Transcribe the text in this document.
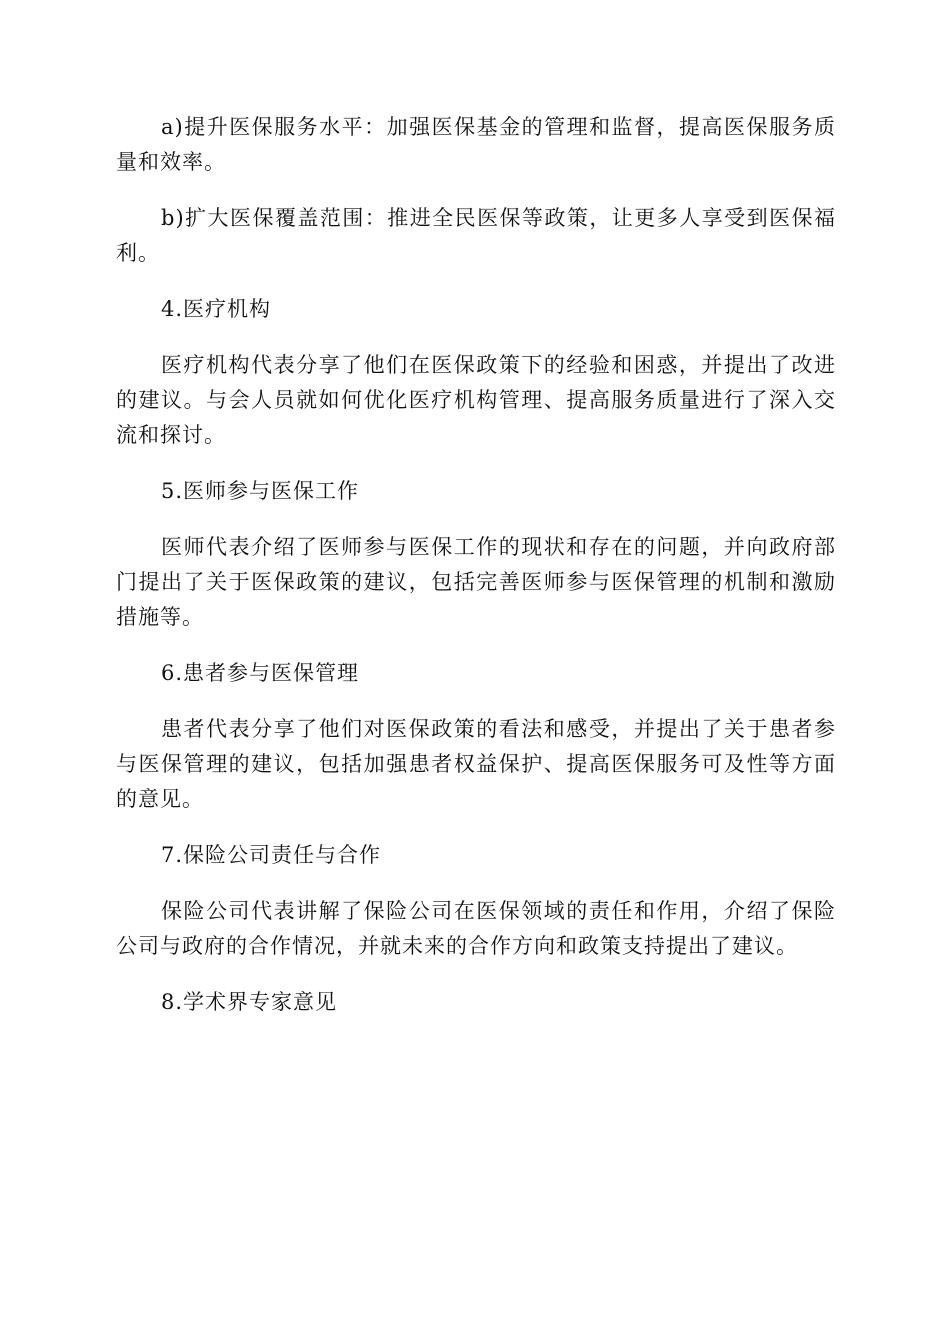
a)提升医保服务水平：加强医保基金的管理和监督，提高医保服务质量和效率。

b)扩大医保覆盖范围：推进全民医保等政策，让更多人享受到医保福利。

4.医疗机构

医疗机构代表分享了他们在医保政策下的经验和困惑，并提出了改进的建议。与会人员就如何优化医疗机构管理、提高服务质量进行了深入交流和探讨。

5.医师参与医保工作

医师代表介绍了医师参与医保工作的现状和存在的问题，并向政府部门提出了关于医保政策的建议，包括完善医师参与医保管理的机制和激励措施等。

6.患者参与医保管理

患者代表分享了他们对医保政策的看法和感受，并提出了关于患者参与医保管理的建议，包括加强患者权益保护、提高医保服务可及性等方面的意见。

7.保险公司责任与合作

保险公司代表讲解了保险公司在医保领域的责任和作用，介绍了保险公司与政府的合作情况，并就未来的合作方向和政策支持提出了建议。

8.学术界专家意见
